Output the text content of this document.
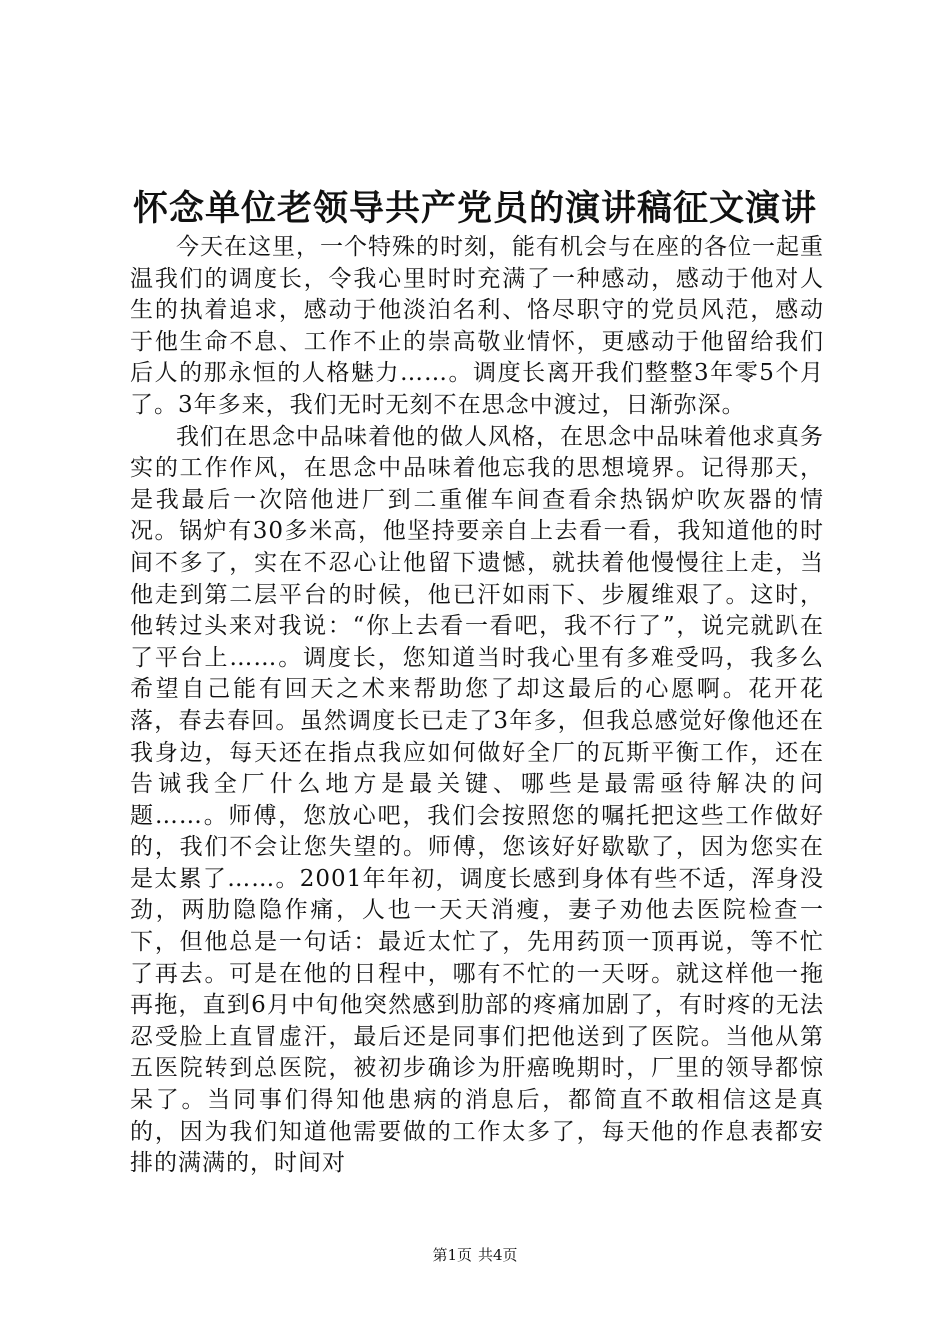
怀念单位老领导共产党员的演讲稿征文演讲

今天在这里，一个特殊的时刻，能有机会与在座的各位一起重温我们的调度长，令我心里时时充满了一种感动，感动于他对人生的执着追求，感动于他淡泊名利、恪尽职守的党员风范，感动于他生命不息、工作不止的崇高敬业情怀，更感动于他留给我们后人的那永恒的人格魅力……。调度长离开我们整整3年零5个月了。3年多来，我们无时无刻不在思念中渡过，日渐弥深。

我们在思念中品味着他的做人风格，在思念中品味着他求真务实的工作作风，在思念中品味着他忘我的思想境界。记得那天，是我最后一次陪他进厂到二重催车间查看余热锅炉吹灰器的情况。锅炉有30多米高，他坚持要亲自上去看一看，我知道他的时间不多了，实在不忍心让他留下遗憾，就扶着他慢慢往上走，当他走到第二层平台的时候，他已汗如雨下、步履维艰了。这时，他转过头来对我说：“你上去看一看吧，我不行了”，说完就趴在了平台上……。调度长，您知道当时我心里有多难受吗，我多么希望自己能有回天之术来帮助您了却这最后的心愿啊。花开花落，春去春回。虽然调度长已走了3年多，但我总感觉好像他还在我身边，每天还在指点我应如何做好全厂的瓦斯平衡工作，还在告诫我全厂什么地方是最关键、哪些是最需亟待解决的问题……。师傅，您放心吧，我们会按照您的嘱托把这些工作做好的，我们不会让您失望的。师傅，您该好好歇歇了，因为您实在是太累了……。2001年年初，调度长感到身体有些不适，浑身没劲，两肋隐隐作痛，人也一天天消瘦，妻子劝他去医院检查一下，但他总是一句话：最近太忙了，先用药顶一顶再说，等不忙了再去。可是在他的日程中，哪有不忙的一天呀。就这样他一拖再拖，直到6月中旬他突然感到肋部的疼痛加剧了，有时疼的无法忍受脸上直冒虚汗，最后还是同事们把他送到了医院。当他从第五医院转到总医院，被初步确诊为肝癌晚期时，厂里的领导都惊呆了。当同事们得知他患病的消息后，都简直不敢相信这是真的，因为我们知道他需要做的工作太多了，每天他的作息表都安排的满满的，时间对

第1页 共4页
